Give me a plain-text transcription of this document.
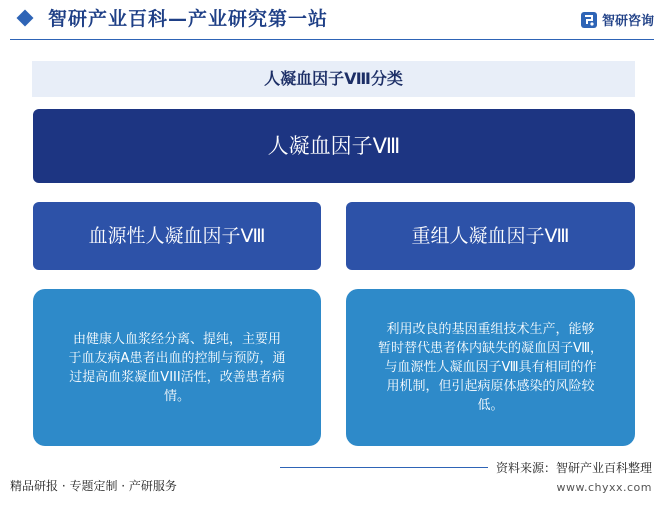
智研产业百科—产业研究第一站	智研咨询
人凝血因子Ⅷ分类
人凝血因子Ⅷ
血源性人凝血因子Ⅷ	重组人凝血因子Ⅷ
由健康人血浆经分离、提纯，主要用
于血友病A患者出血的控制与预防，通
过提高血浆凝血VIII活性，改善患者病
情。
利用改良的基因重组技术生产，能够
暂时替代患者体内缺失的凝血因子Ⅷ，
与血源性人凝血因子Ⅷ具有相同的作
用机制，但引起病原体感染的风险较
低。
资料来源：智研产业百科整理
精品研报 · 专题定制 · 产研服务	www.chyxx.com
